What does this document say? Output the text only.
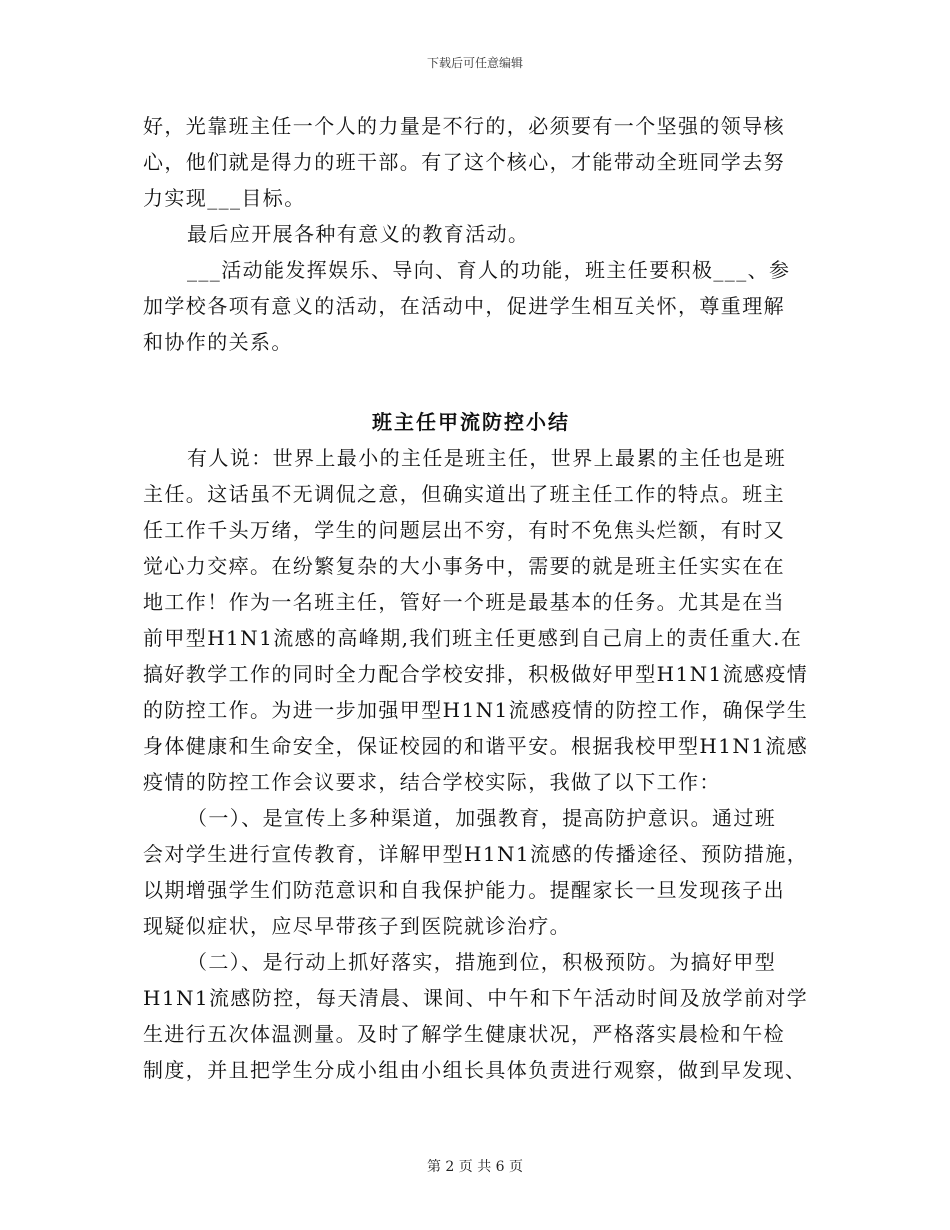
下载后可任意编辑
好，光靠班主任一个人的力量是不行的，必须要有一个坚强的领导核
心，他们就是得力的班干部。有了这个核心，才能带动全班同学去努
力实现___目标。
最后应开展各种有意义的教育活动。
___活动能发挥娱乐、导向、育人的功能，班主任要积极___、参
加学校各项有意义的活动，在活动中，促进学生相互关怀，尊重理解
和协作的关系。
班主任甲流防控小结
有人说：世界上最小的主任是班主任，世界上最累的主任也是班
主任。这话虽不无调侃之意，但确实道出了班主任工作的特点。班主
任工作千头万绪，学生的问题层出不穷，有时不免焦头烂额，有时又
觉心力交瘁。在纷繁复杂的大小事务中，需要的就是班主任实实在在
地工作！作为一名班主任，管好一个班是最基本的任务。尤其是在当
前甲型H1N1流感的高峰期,我们班主任更感到自己肩上的责任重大.在
搞好教学工作的同时全力配合学校安排，积极做好甲型H1N1流感疫情
的防控工作。为进一步加强甲型H1N1流感疫情的防控工作，确保学生
身体健康和生命安全，保证校园的和谐平安。根据我校甲型H1N1流感
疫情的防控工作会议要求，结合学校实际，我做了以下工作：
（一）、是宣传上多种渠道，加强教育，提高防护意识。通过班
会对学生进行宣传教育，详解甲型H1N1流感的传播途径、预防措施，
以期增强学生们防范意识和自我保护能力。提醒家长一旦发现孩子出
现疑似症状，应尽早带孩子到医院就诊治疗。
（二）、是行动上抓好落实，措施到位，积极预防。为搞好甲型
H1N1流感防控，每天清晨、课间、中午和下午活动时间及放学前对学
生进行五次体温测量。及时了解学生健康状况，严格落实晨检和午检
制度，并且把学生分成小组由小组长具体负责进行观察，做到早发现、
第 2 页 共 6 页
